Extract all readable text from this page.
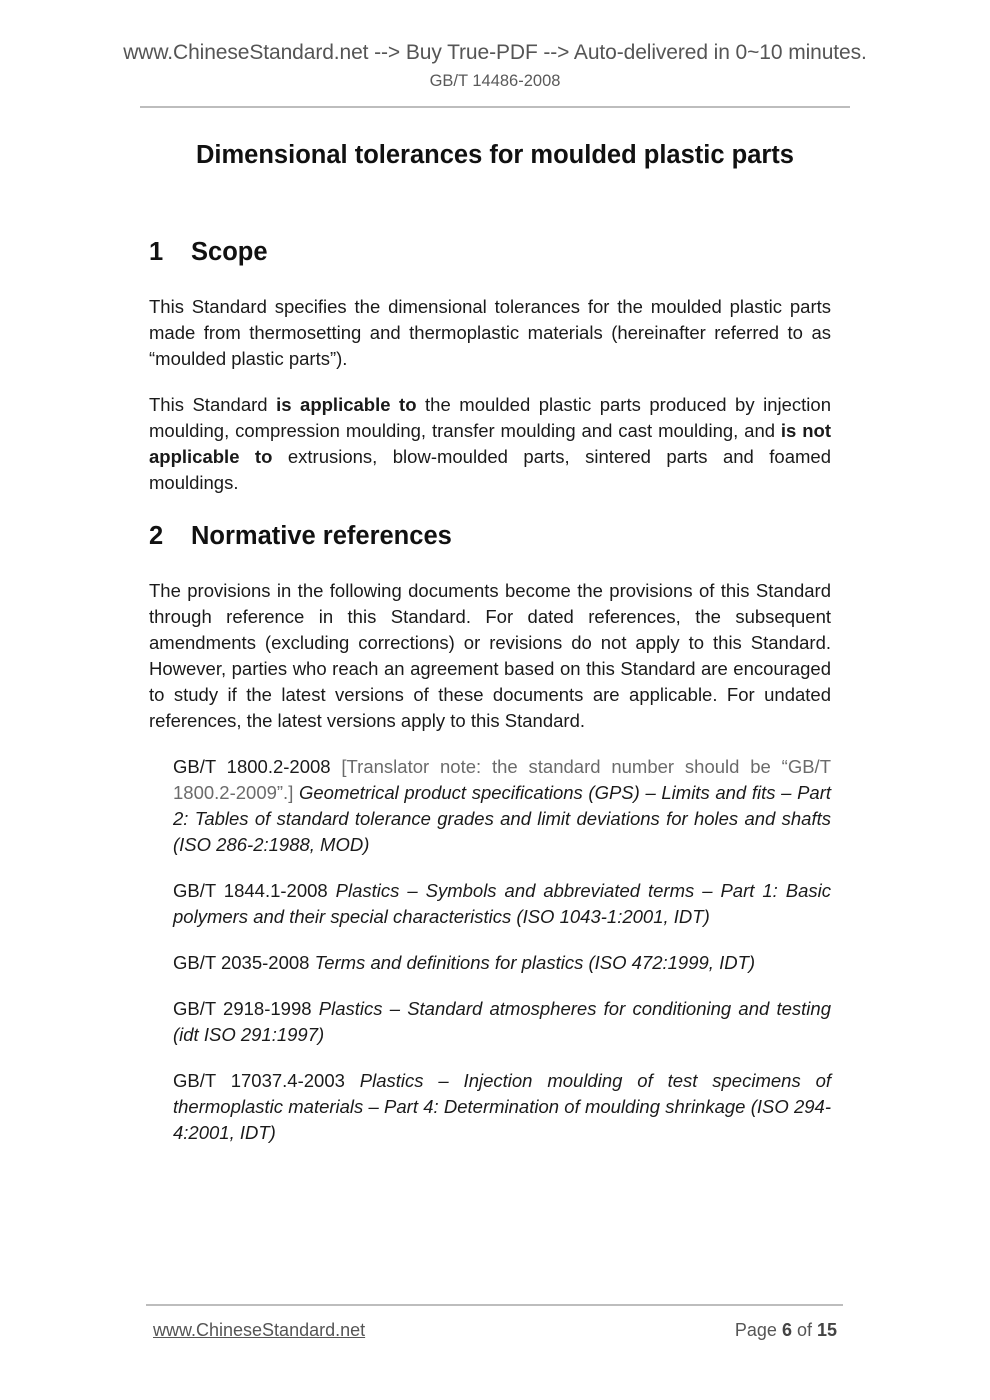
www.ChineseStandard.net --> Buy True-PDF --> Auto-delivered in 0~10 minutes.
GB/T 14486-2008
Dimensional tolerances for moulded plastic parts
1	Scope

This Standard specifies the dimensional tolerances for the moulded plastic parts made from thermosetting and thermoplastic materials (hereinafter referred to as “moulded plastic parts”).

This Standard is applicable to the moulded plastic parts produced by injection moulding, compression moulding, transfer moulding and cast moulding, and is not applicable to extrusions, blow-moulded parts, sintered parts and foamed mouldings.

2	Normative references

The provisions in the following documents become the provisions of this Standard through reference in this Standard. For dated references, the subsequent amendments (excluding corrections) or revisions do not apply to this Standard. However, parties who reach an agreement based on this Standard are encouraged to study if the latest versions of these documents are applicable. For undated references, the latest versions apply to this Standard.

GB/T 1800.2-2008 [Translator note: the standard number should be “GB/T 1800.2-2009”.] Geometrical product specifications (GPS) – Limits and fits – Part 2: Tables of standard tolerance grades and limit deviations for holes and shafts (ISO 286-2:1988, MOD)

GB/T 1844.1-2008 Plastics – Symbols and abbreviated terms – Part 1: Basic polymers and their special characteristics (ISO 1043-1:2001, IDT)

GB/T 2035-2008 Terms and definitions for plastics (ISO 472:1999, IDT)

GB/T 2918-1998 Plastics – Standard atmospheres for conditioning and testing (idt ISO 291:1997)

GB/T 17037.4-2003 Plastics – Injection moulding of test specimens of thermoplastic materials – Part 4: Determination of moulding shrinkage (ISO 294-4:2001, IDT)

www.ChineseStandard.net	Page 6 of 15
